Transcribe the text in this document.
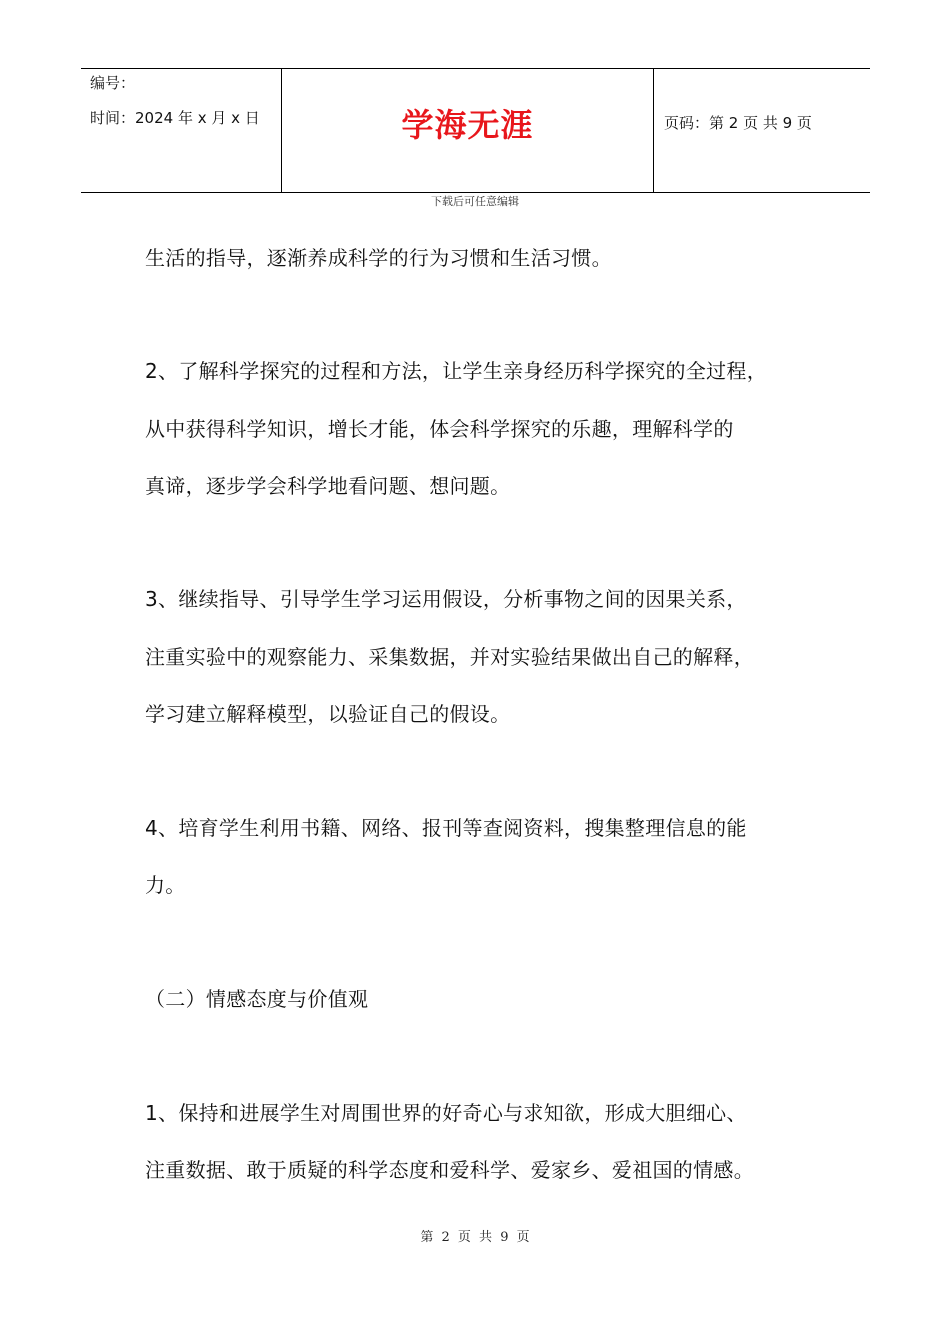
编号：
时间：2024 年 x 月 x 日	学海无涯	页码：第 2 页 共 9 页
下载后可任意编辑
生活的指导，逐渐养成科学的行为习惯和生活习惯。
2、了解科学探究的过程和方法，让学生亲身经历科学探究的全过程，
从中获得科学知识，增长才能，体会科学探究的乐趣，理解科学的
真谛，逐步学会科学地看问题、想问题。
3、继续指导、引导学生学习运用假设，分析事物之间的因果关系，
注重实验中的观察能力、采集数据，并对实验结果做出自己的解释，
学习建立解释模型，以验证自己的假设。
4、培育学生利用书籍、网络、报刊等查阅资料，搜集整理信息的能
力。
（二）情感态度与价值观
1、保持和进展学生对周围世界的好奇心与求知欲，形成大胆细心、
注重数据、敢于质疑的科学态度和爱科学、爱家乡、爱祖国的情感。
第 2 页 共 9 页
